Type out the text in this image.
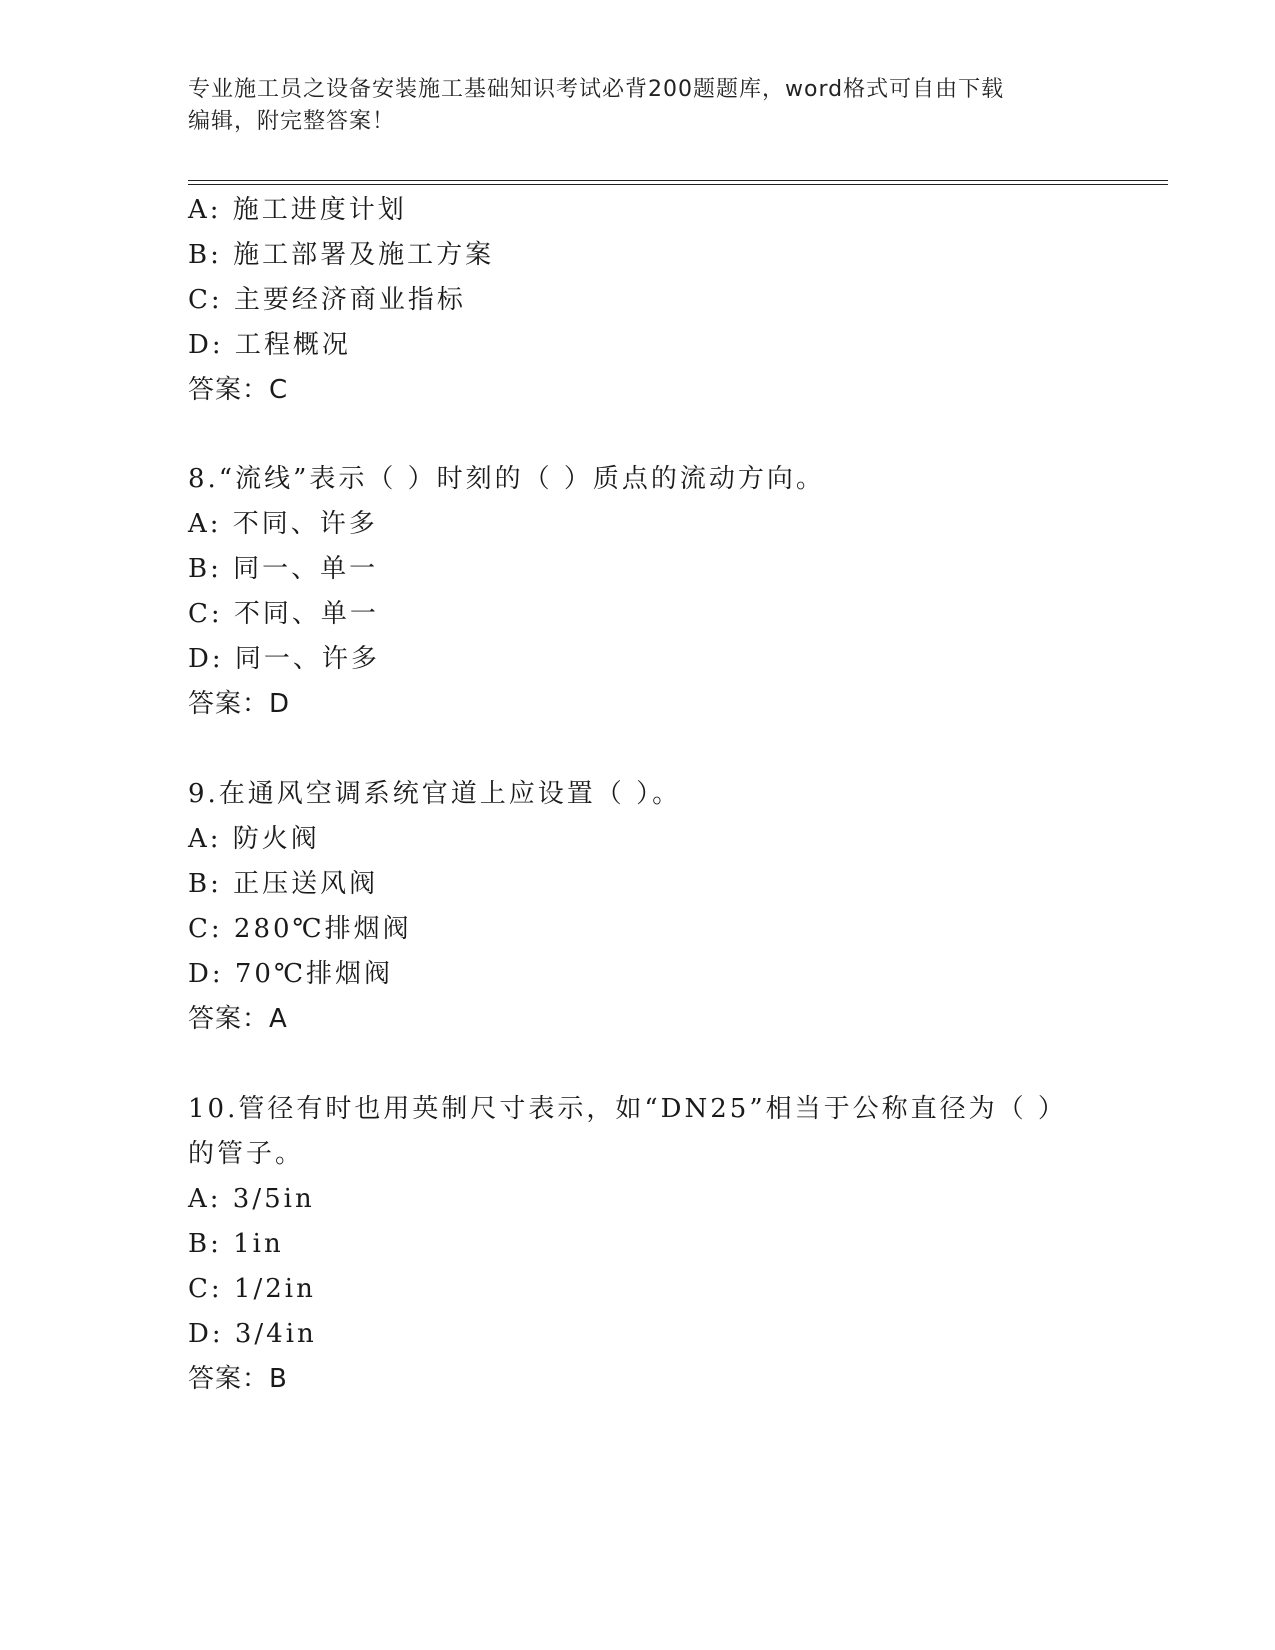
专业施工员之设备安装施工基础知识考试必背200题题库，word格式可自由下载
编辑，附完整答案！
A: 施工进度计划
B: 施工部署及施工方案
C: 主要经济商业指标
D: 工程概况
答案：C
8.“流线”表示（ ）时刻的（ ）质点的流动方向。
A: 不同、许多
B: 同一、单一
C: 不同、单一
D: 同一、许多
答案：D
9.在通风空调系统官道上应设置（ ）。
A: 防火阀
B: 正压送风阀
C: 280℃排烟阀
D: 70℃排烟阀
答案：A
10.管径有时也用英制尺寸表示，如“DN25”相当于公称直径为（ ）
的管子。
A: 3/5in
B: 1in
C: 1/2in
D: 3/4in
答案：B
